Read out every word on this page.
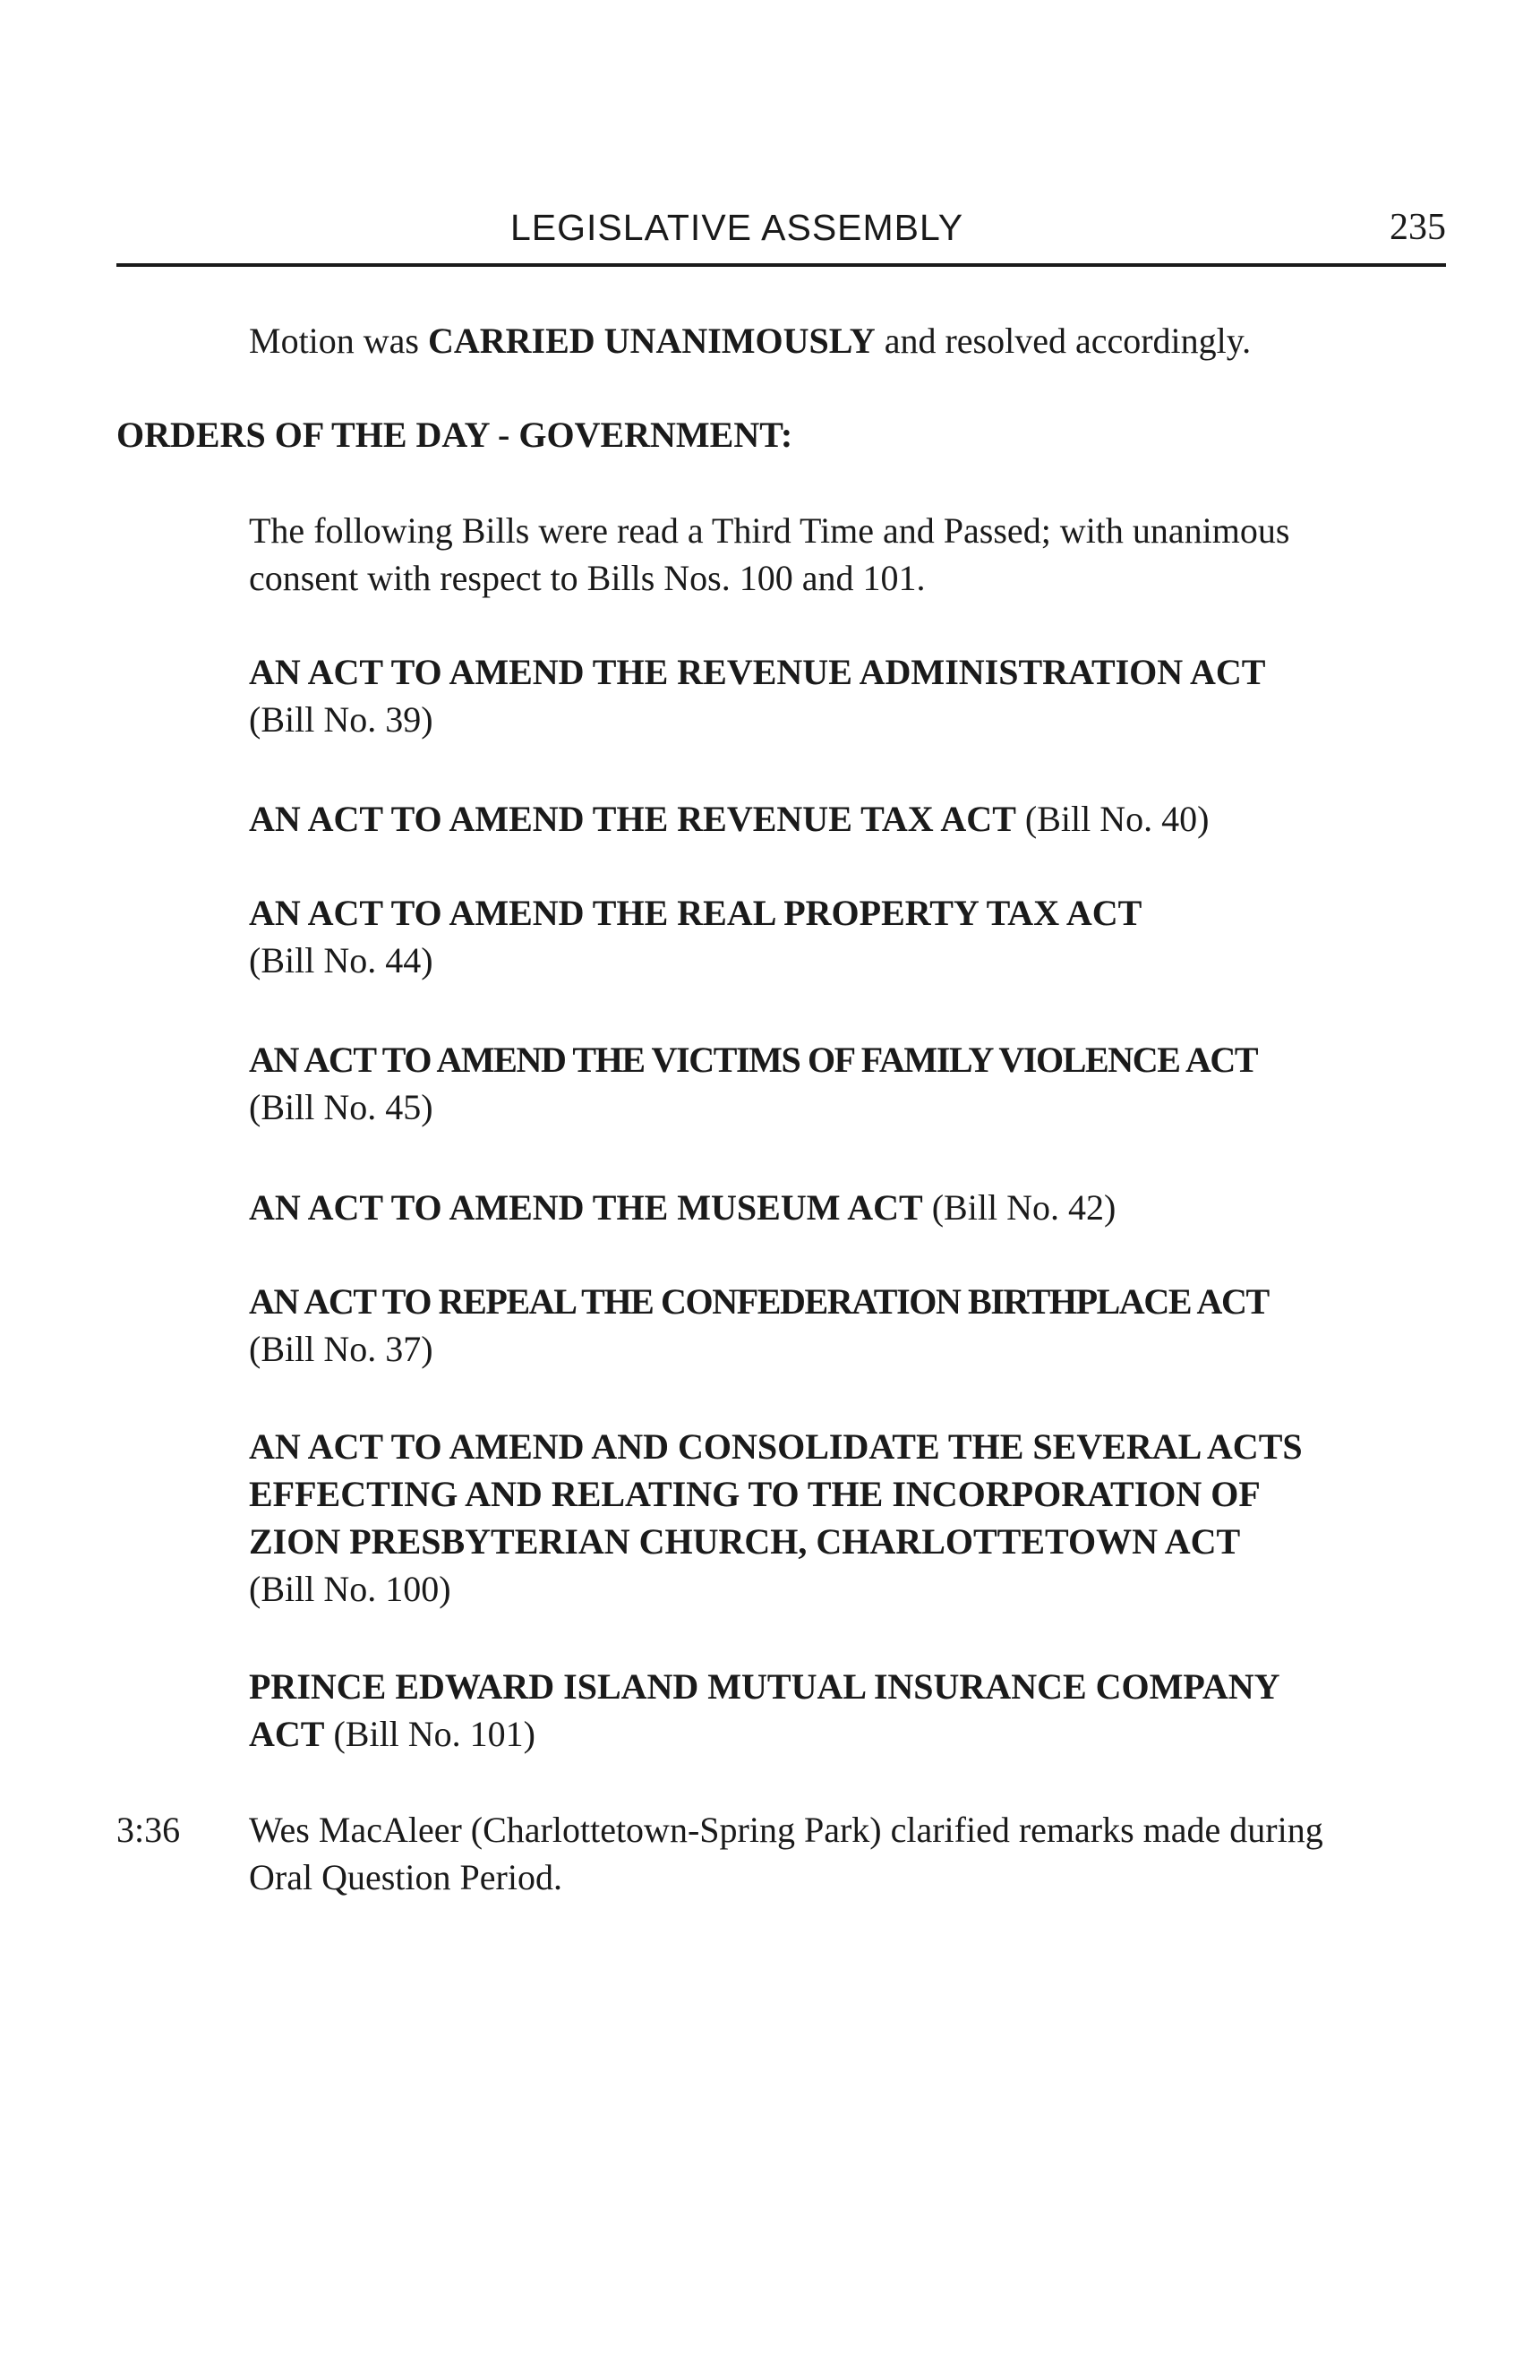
LEGISLATIVE ASSEMBLY	235
Motion was CARRIED UNANIMOUSLY and resolved accordingly.
ORDERS OF THE DAY - GOVERNMENT:
The following Bills were read a Third Time and Passed; with unanimous
consent with respect to Bills Nos. 100 and 101.
AN ACT TO AMEND THE REVENUE ADMINISTRATION ACT
(Bill No. 39)
AN ACT TO AMEND THE REVENUE TAX ACT (Bill No. 40)
AN ACT TO AMEND THE REAL PROPERTY TAX ACT
(Bill No. 44)
AN ACT TO AMEND THE VICTIMS OF FAMILY VIOLENCE ACT
(Bill No. 45)
AN ACT TO AMEND THE MUSEUM ACT (Bill No. 42)
AN ACT TO REPEAL THE CONFEDERATION BIRTHPLACE ACT
(Bill No. 37)
AN ACT TO AMEND AND CONSOLIDATE THE SEVERAL ACTS
EFFECTING AND RELATING TO THE INCORPORATION OF
ZION PRESBYTERIAN CHURCH, CHARLOTTETOWN ACT
(Bill No. 100)
PRINCE EDWARD ISLAND MUTUAL INSURANCE COMPANY
ACT (Bill No. 101)
3:36 Wes MacAleer (Charlottetown-Spring Park) clarified remarks made during
Oral Question Period.
